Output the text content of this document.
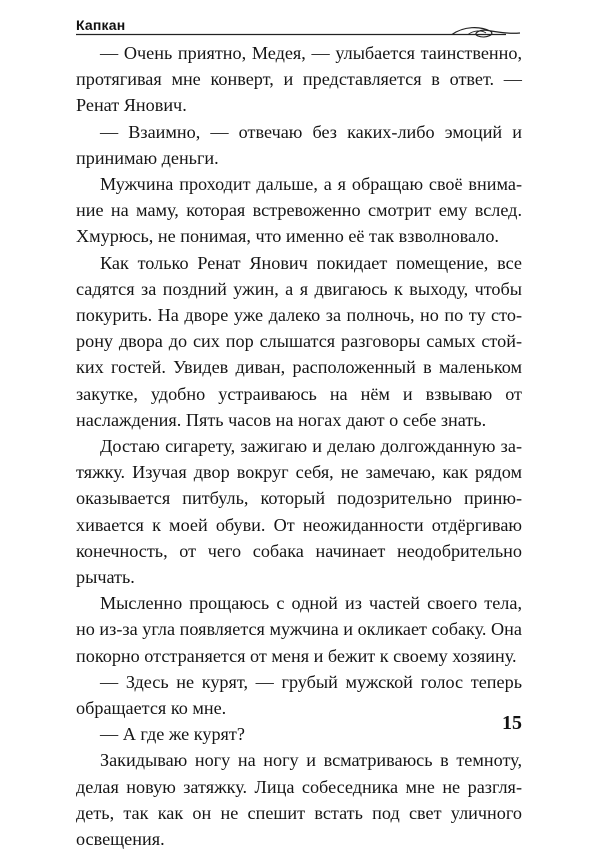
Капкан

— Очень приятно, Медея, — улыбается таинственно, протягивая мне конверт, и представляется в ответ. — Ренат Янович.

— Взаимно, — отвечаю без каких-либо эмоций и принимаю деньги.

Мужчина проходит дальше, а я обращаю своё внимание на маму, которая встревоженно смотрит ему вслед. Хмурюсь, не понимая, что именно её так взволновало.

Как только Ренат Янович покидает помещение, все садятся за поздний ужин, а я двигаюсь к выходу, чтобы покурить. На дворе уже далеко за полночь, но по ту сторону двора до сих пор слышатся разговоры самых стойких гостей. Увидев диван, расположенный в маленьком закутке, удобно устраиваюсь на нём и взвываю от наслаждения. Пять часов на ногах дают о себе знать.

Достаю сигарету, зажигаю и делаю долгожданную затяжку. Изучая двор вокруг себя, не замечаю, как рядом оказывается питбуль, который подозрительно принюхивается к моей обуви. От неожиданности отдёргиваю конечность, от чего собака начинает неодобрительно рычать.

Мысленно прощаюсь с одной из частей своего тела, но из-за угла появляется мужчина и окликает собаку. Она покорно отстраняется от меня и бежит к своему хозяину.

— Здесь не курят, — грубый мужской голос теперь обращается ко мне.

— А где же курят?

Закидываю ногу на ногу и всматриваюсь в темноту, делая новую затяжку. Лица собеседника мне не разглядеть, так как он не спешит встать под свет уличного освещения.

15
